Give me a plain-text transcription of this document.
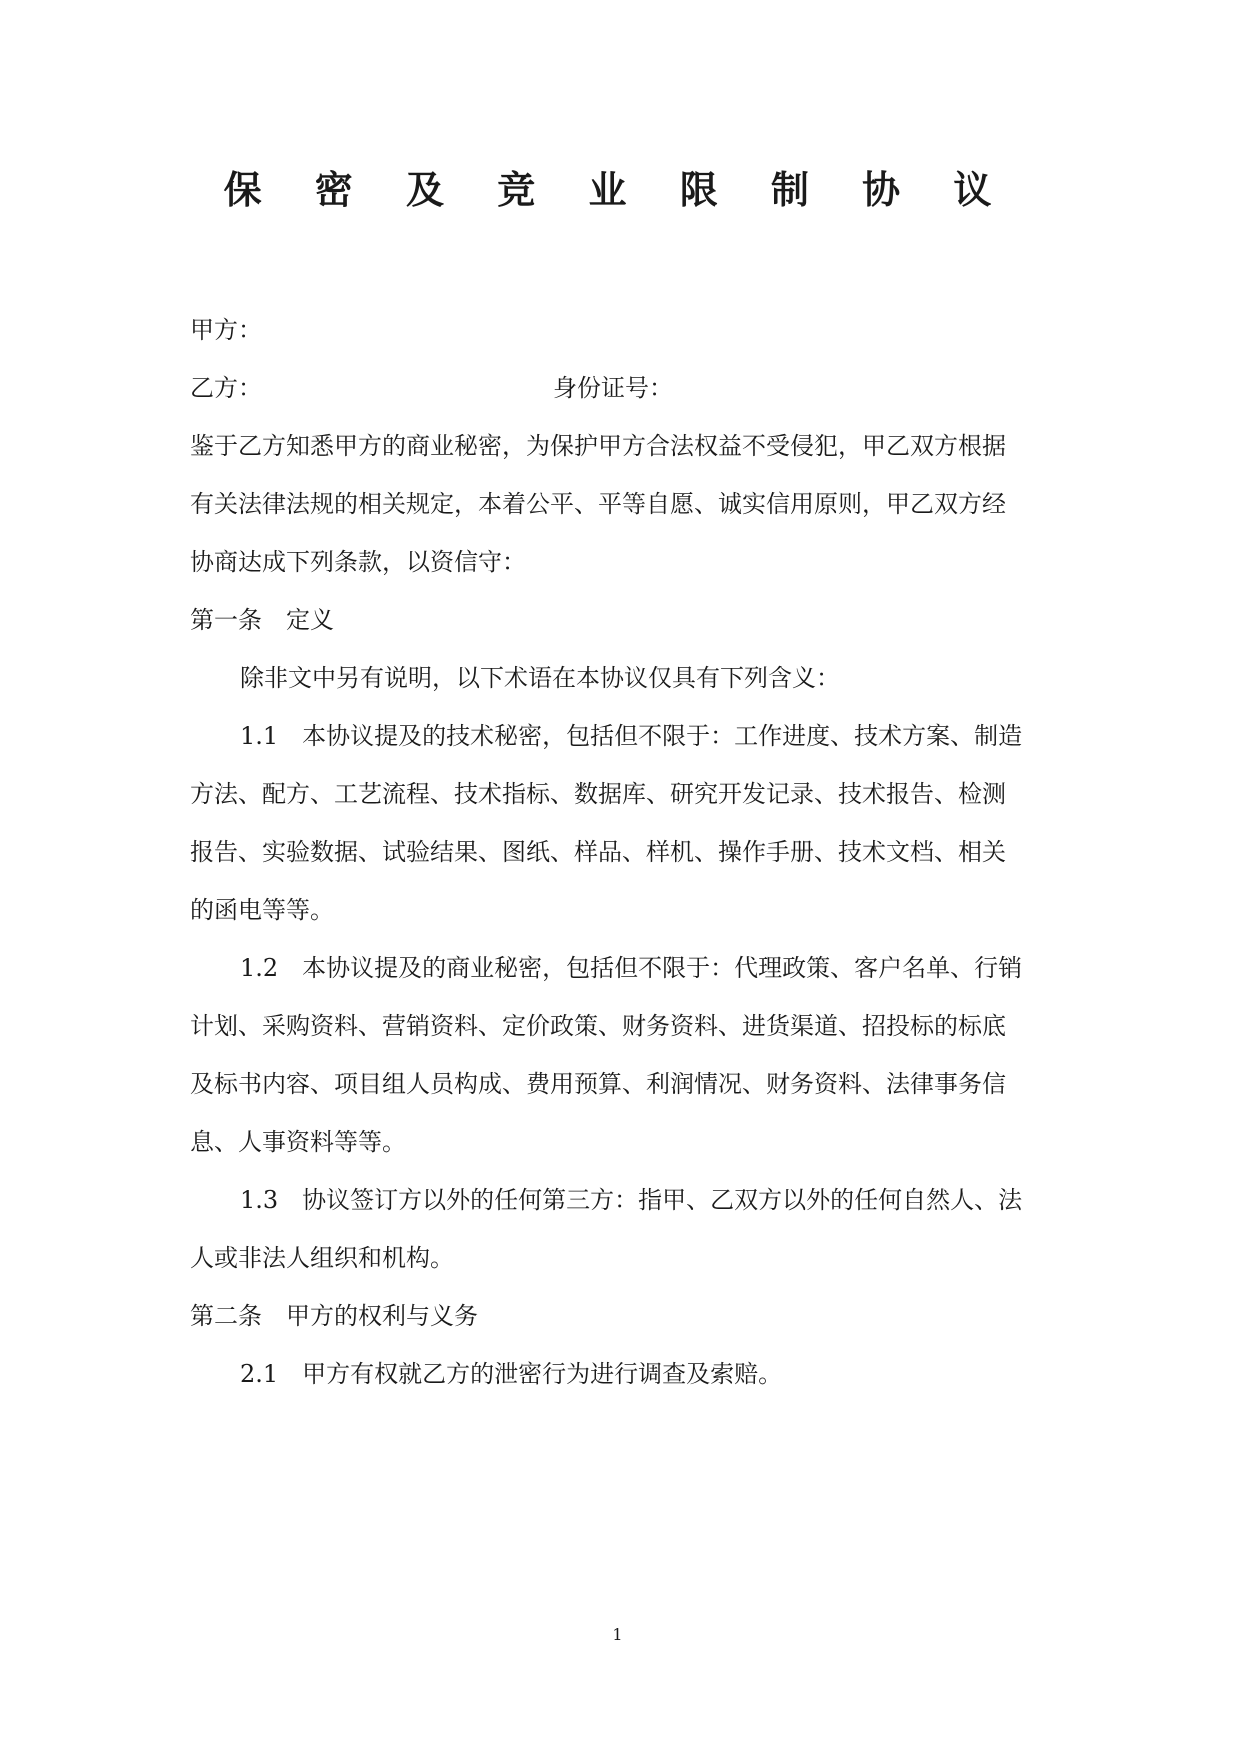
保 密 及 竞 业 限 制 协 议
甲方：
乙方：	身份证号：
鉴于乙方知悉甲方的商业秘密，为保护甲方合法权益不受侵犯，甲乙双方根据
有关法律法规的相关规定，本着公平、平等自愿、诚实信用原则，甲乙双方经
协商达成下列条款，以资信守：
第一条　定义
除非文中另有说明，以下术语在本协议仅具有下列含义：
1.1　本协议提及的技术秘密，包括但不限于：工作进度、技术方案、制造
方法、配方、工艺流程、技术指标、数据库、研究开发记录、技术报告、检测
报告、实验数据、试验结果、图纸、样品、样机、操作手册、技术文档、相关
的函电等等。
1.2　本协议提及的商业秘密，包括但不限于：代理政策、客户名单、行销
计划、采购资料、营销资料、定价政策、财务资料、进货渠道、招投标的标底
及标书内容、项目组人员构成、费用预算、利润情况、财务资料、法律事务信
息、人事资料等等。
1.3　协议签订方以外的任何第三方：指甲、乙双方以外的任何自然人、法
人或非法人组织和机构。
第二条　甲方的权利与义务
2.1　甲方有权就乙方的泄密行为进行调查及索赔。
1
